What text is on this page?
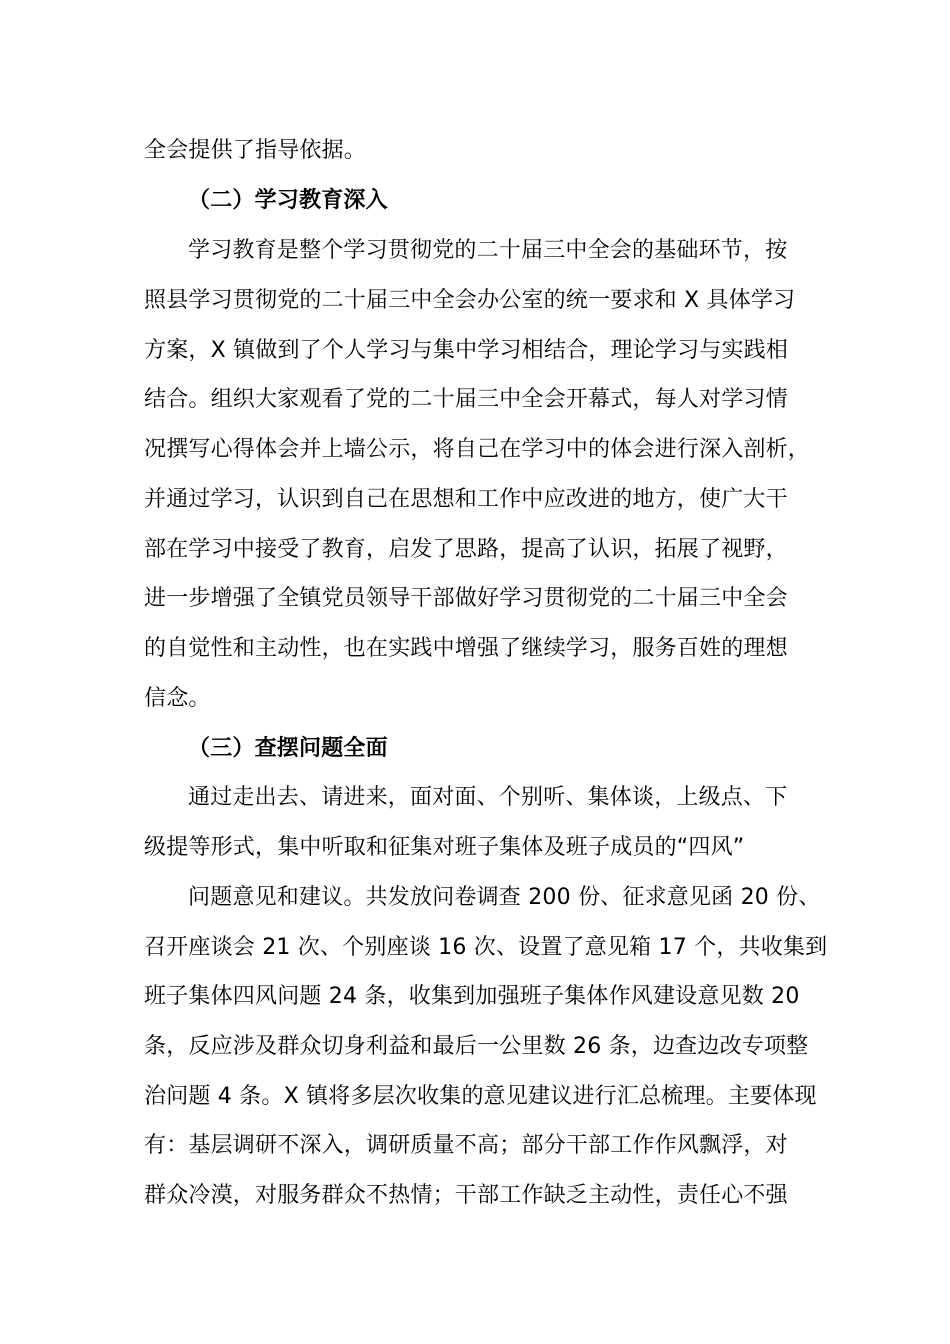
全会提供了指导依据。
（二）学习教育深入
学习教育是整个学习贯彻党的二十届三中全会的基础环节，按
照县学习贯彻党的二十届三中全会办公室的统一要求和 X 具体学习
方案，X 镇做到了个人学习与集中学习相结合，理论学习与实践相
结合。组织大家观看了党的二十届三中全会开幕式，每人对学习情
况撰写心得体会并上墙公示，将自己在学习中的体会进行深入剖析，
并通过学习，认识到自己在思想和工作中应改进的地方，使广大干
部在学习中接受了教育，启发了思路，提高了认识，拓展了视野，
进一步增强了全镇党员领导干部做好学习贯彻党的二十届三中全会
的自觉性和主动性，也在实践中增强了继续学习，服务百姓的理想
信念。
（三）查摆问题全面
通过走出去、请进来，面对面、个别听、集体谈，上级点、下
级提等形式，集中听取和征集对班子集体及班子成员的“四风”
问题意见和建议。共发放问卷调查 200 份、征求意见函 20 份、
召开座谈会 21 次、个别座谈 16 次、设置了意见箱 17 个，共收集到
班子集体四风问题 24 条，收集到加强班子集体作风建设意见数 20
条，反应涉及群众切身利益和最后一公里数 26 条，边查边改专项整
治问题 4 条。X 镇将多层次收集的意见建议进行汇总梳理。主要体现
有：基层调研不深入，调研质量不高；部分干部工作作风飘浮，对
群众冷漠，对服务群众不热情；干部工作缺乏主动性，责任心不强
